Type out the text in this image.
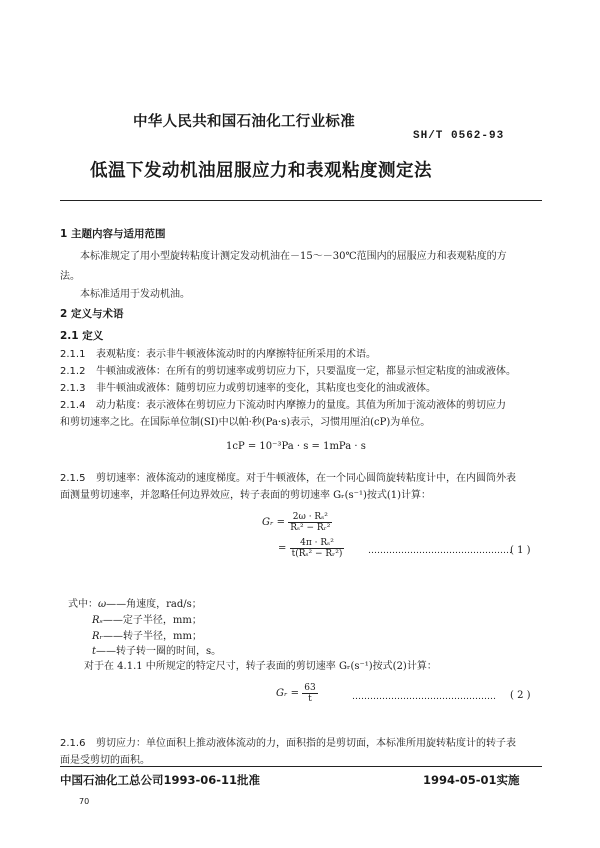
中华人民共和国石油化工行业标准
SH/T 0562-93
低温下发动机油屈服应力和表观粘度测定法
1 主题内容与适用范围
本标准规定了用小型旋转粘度计测定发动机油在－15～－30℃范围内的屈服应力和表观粘度的方
法。
本标准适用于发动机油。
2 定义与术语
2.1 定义
2.1.1 表观粘度：表示非牛顿液体流动时的内摩擦特征所采用的术语。
2.1.2 牛顿油或液体：在所有的剪切速率或剪切应力下，只要温度一定，都显示恒定粘度的油或液体。
2.1.3 非牛顿油或液体：随剪切应力或剪切速率的变化，其粘度也变化的油或液体。
2.1.4 动力粘度：表示液体在剪切应力下流动时内摩擦力的量度。其值为所加于流动液体的剪切应力
和剪切速率之比。在国际单位制(SI)中以帕·秒(Pa·s)表示，习惯用厘泊(cP)为单位。
1cP = 10⁻³Pa · s = 1mPa · s
2.1.5 剪切速率：液体流动的速度梯度。对于牛顿液体，在一个同心圆筒旋转粘度计中，在内圆筒外表
面测量剪切速率，并忽略任何边界效应，转子表面的剪切速率 Gᵣ(s⁻¹)按式(1)计算：
Gᵣ = $\frac{\text{2ω · Rₛ²}}{\text{Rₛ² − Rᵣ²}}$
= $\frac{\text{4π · Rₛ²}}{\text{t(Rₛ² − Rᵣ²)}}$	…………………………………………
( 1 )
式中：ω——角速度，rad/s；
Rₛ——定子半径，mm；
Rᵣ——转子半径，mm；
t——转子转一圈的时间，s。
对于在 4.1.1 中所规定的特定尺寸，转子表面的剪切速率 Gᵣ(s⁻¹)按式(2)计算：
Gᵣ = $\frac{63}{t}$	………………………………………… ( 2 )
2.1.6 剪切应力：单位面积上推动液体流动的力，面积指的是剪切面，本标准所用旋转粘度计的转子表
面是受剪切的面积。
中国石油化工总公司1993-06-11批准	1994-05-01实施
70
